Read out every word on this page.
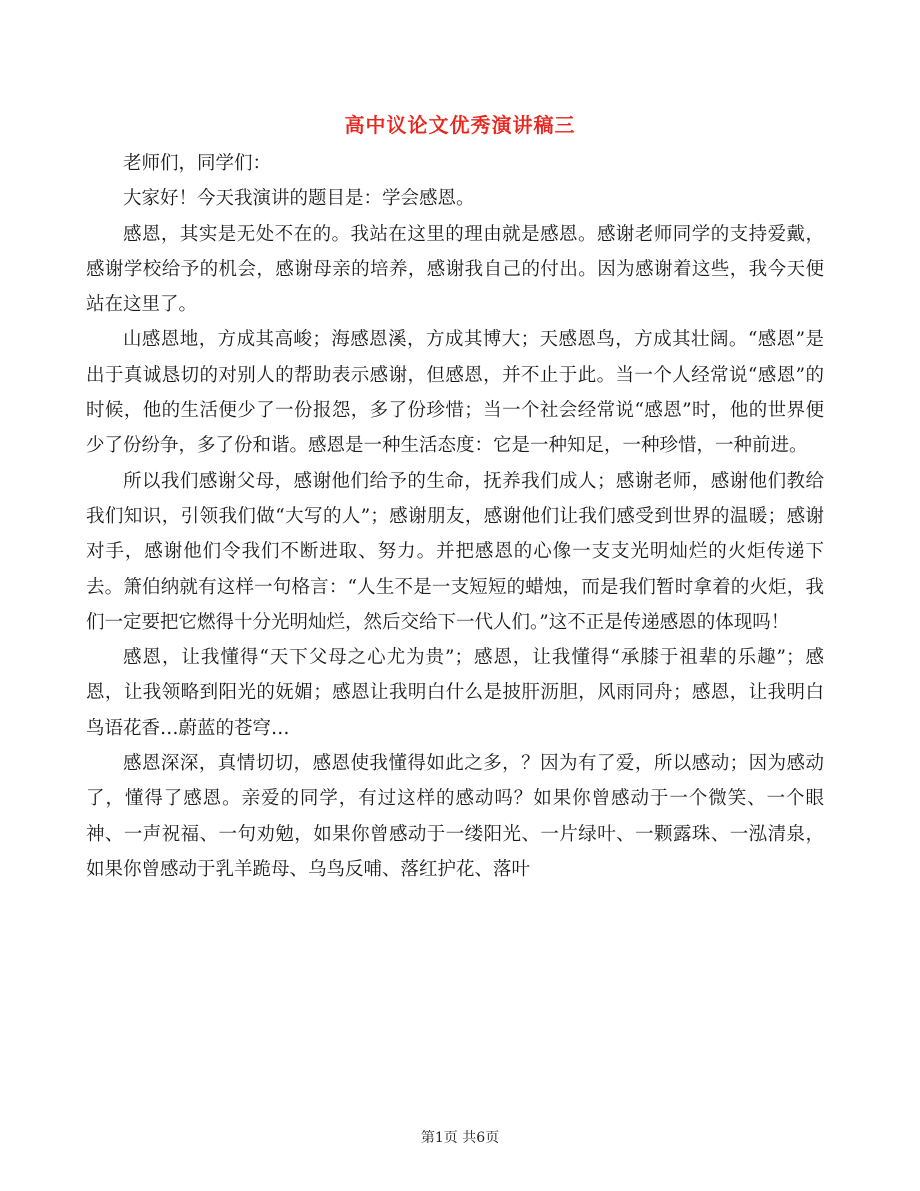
高中议论文优秀演讲稿三

老师们，同学们：

大家好！今天我演讲的题目是：学会感恩。

感恩，其实是无处不在的。我站在这里的理由就是感恩。感谢老师同学的支持爱戴，感谢学校给予的机会，感谢母亲的培养，感谢我自己的付出。因为感谢着这些，我今天便站在这里了。

山感恩地，方成其高峻；海感恩溪，方成其博大；天感恩鸟，方成其壮阔。“感恩”是出于真诚恳切的对别人的帮助表示感谢，但感恩，并不止于此。当一个人经常说“感恩”的时候，他的生活便少了一份报怨，多了份珍惜；当一个社会经常说“感恩”时，他的世界便少了份纷争，多了份和谐。感恩是一种生活态度：它是一种知足，一种珍惜，一种前进。

所以我们感谢父母，感谢他们给予的生命，抚养我们成人；感谢老师，感谢他们教给我们知识，引领我们做“大写的人”；感谢朋友，感谢他们让我们感受到世界的温暖；感谢对手，感谢他们令我们不断进取、努力。并把感恩的心像一支支光明灿烂的火炬传递下去。箫伯纳就有这样一句格言：“人生不是一支短短的蜡烛，而是我们暂时拿着的火炬，我们一定要把它燃得十分光明灿烂，然后交给下一代人们。”这不正是传递感恩的体现吗！

感恩，让我懂得“天下父母之心尤为贵”；感恩，让我懂得“承膝于祖辈的乐趣”；感恩，让我领略到阳光的妩媚；感恩让我明白什么是披肝沥胆，风雨同舟；感恩，让我明白鸟语花香…蔚蓝的苍穹…

感恩深深，真情切切，感恩使我懂得如此之多，？因为有了爱，所以感动；因为感动了，懂得了感恩。亲爱的同学，有过这样的感动吗？如果你曾感动于一个微笑、一个眼神、一声祝福、一句劝勉，如果你曾感动于一缕阳光、一片绿叶、一颗露珠、一泓清泉，如果你曾感动于乳羊跪母、乌鸟反哺、落红护花、落叶

第1页 共6页
